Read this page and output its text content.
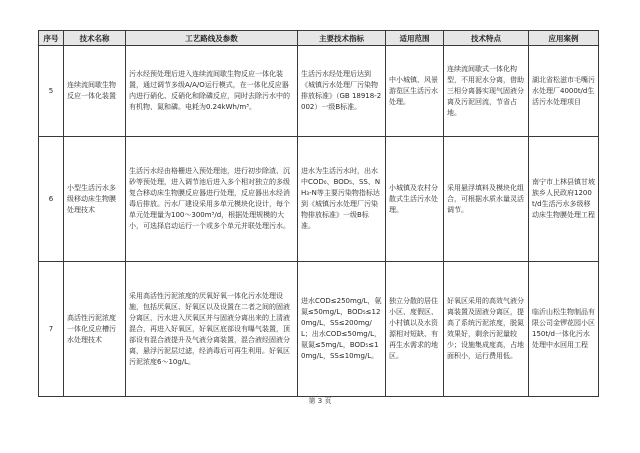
序号	技术名称	工艺路线及参数	主要技术指标	适用范围	技术特点	应用案例
5	连续流间歇生物反应一体化装置	污水经预处理后进入连续流间歇生物反应一体化装置，通过调节多级A/A/O运行模式，在一体化反应器内进行硝化、反硝化和除磷反应，同时去除污水中的有机物、氮和磷。电耗为0.24kWh/m³。	生活污水经处理后达到《城镇污水处理厂污染物排放标准》（GB 18918-2002）一级B标准。	中小城镇、风景游览区生活污水处理。	连续流间歇式一体化构型，不用泥水分离，借助三相分离器实现气固液分离及污泥回流，节省占地。	湖北省松滋市毛嘴污水处理厂4000t/d生活污水处理项目
6	小型生活污水多级移动床生物膜处理技术	生活污水经由格栅进入预处理池，进行初步除渣、沉砂等预处理，进入调节池后进入多个相对独立的多级复合移动床生物膜反应器进行处理，反应器出水经消毒后排放。污水厂建设采用多单元模块化设计，每个单元处理量为100～300m³/d，根据处理规模的大小，可选择启动运行一个或多个单元并联处理污水。	进水为生活污水时，出水中COD₀、BOD₅、SS、NH₃-N等主要污染物指标达到《城镇污水处理厂污染物排放标准》一级B标准。	小城镇及农村分散式生活污水处理。	采用悬浮填料及模块化组合，可根据水质水量灵活调节。	南宁市上林县镇甘坡族乡人民政府1200t/d生活污水多级移动床生物膜处理工程
7	高活性污泥浓度一体化反应槽污水处理技术	采用高活性污泥浓度的厌氧好氧一体化污水处理设施，包括厌氧区、好氧区以及设置在二者之间的固液分离区，污水进入厌氧区并与固液分离出来的上清液混合，再进入好氧区，好氧区底部设有曝气装置，顶部设有混合液提升及气液分离装置，混合液经固液分离，悬浮污泥层过滤，经消毒后可再生利用。好氧区污泥浓度6～10g/L。	进水COD≤250mg/L，氨氮≤50mg/L，BOD₅≤120mg/L，SS≤200mg/L；出水COD≤50mg/L，氨氮≤5mg/L，BOD₅≤10mg/L，SS≤10mg/L。	独立分散的居住小区、度假区、小村镇以及水资源相对短缺、有再生水需求的地区。	好氧区采用的高效气液分离装置及固液分离区，提高了系统污泥浓度，脱氮效果好，剩余污泥量较少；设施集成度高，占地面积小，运行费用低。	临沂山松生物制品有限公司金锣花园小区150t/d一体化污水处理中水回用工程
第 3 页
